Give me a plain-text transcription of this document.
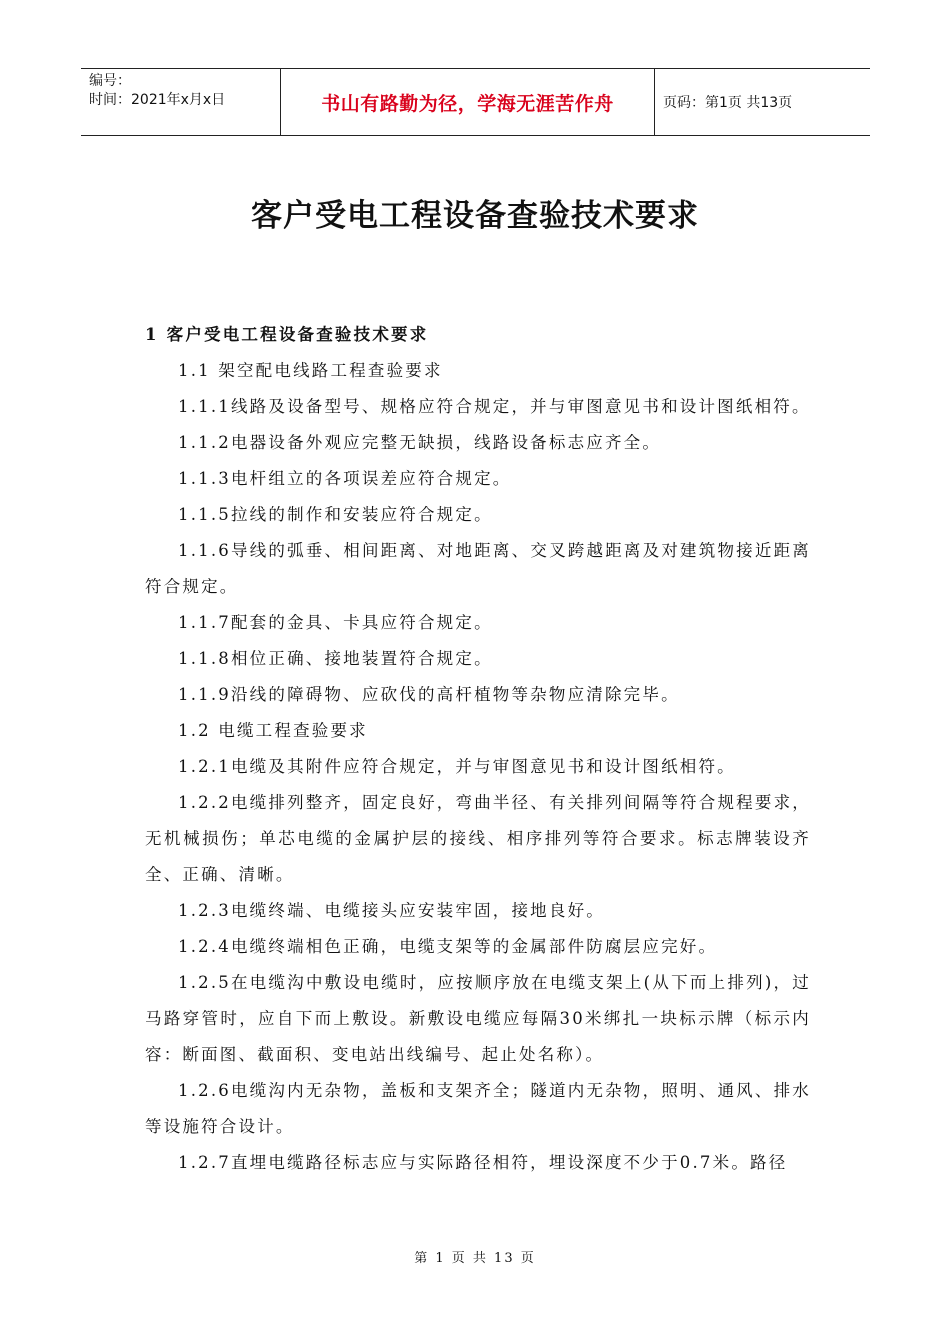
编号：
时间：2021年x月x日	书山有路勤为径，学海无涯苦作舟	页码：第1页 共13页
客户受电工程设备查验技术要求

1 客户受电工程设备查验技术要求

1.1 架空配电线路工程查验要求

1.1.1线路及设备型号、规格应符合规定，并与审图意见书和设计图纸相符。

1.1.2电器设备外观应完整无缺损，线路设备标志应齐全。

1.1.3电杆组立的各项误差应符合规定。

1.1.5拉线的制作和安装应符合规定。

1.1.6导线的弧垂、相间距离、对地距离、交叉跨越距离及对建筑物接近距离符合规定。

1.1.7配套的金具、卡具应符合规定。

1.1.8相位正确、接地装置符合规定。

1.1.9沿线的障碍物、应砍伐的高杆植物等杂物应清除完毕。

1.2 电缆工程查验要求

1.2.1电缆及其附件应符合规定，并与审图意见书和设计图纸相符。

1.2.2电缆排列整齐，固定良好，弯曲半径、有关排列间隔等符合规程要求，无机械损伤；单芯电缆的金属护层的接线、相序排列等符合要求。标志牌装设齐全、正确、清晰。

1.2.3电缆终端、电缆接头应安装牢固，接地良好。

1.2.4电缆终端相色正确，电缆支架等的金属部件防腐层应完好。

1.2.5在电缆沟中敷设电缆时，应按顺序放在电缆支架上(从下而上排列)，过马路穿管时，应自下而上敷设。新敷设电缆应每隔30米绑扎一块标示牌（标示内容：断面图、截面积、变电站出线编号、起止处名称）。

1.2.6电缆沟内无杂物，盖板和支架齐全；隧道内无杂物，照明、通风、排水等设施符合设计。

1.2.7直埋电缆路径标志应与实际路径相符，埋设深度不少于0.7米。路径

第 1 页 共 13 页
